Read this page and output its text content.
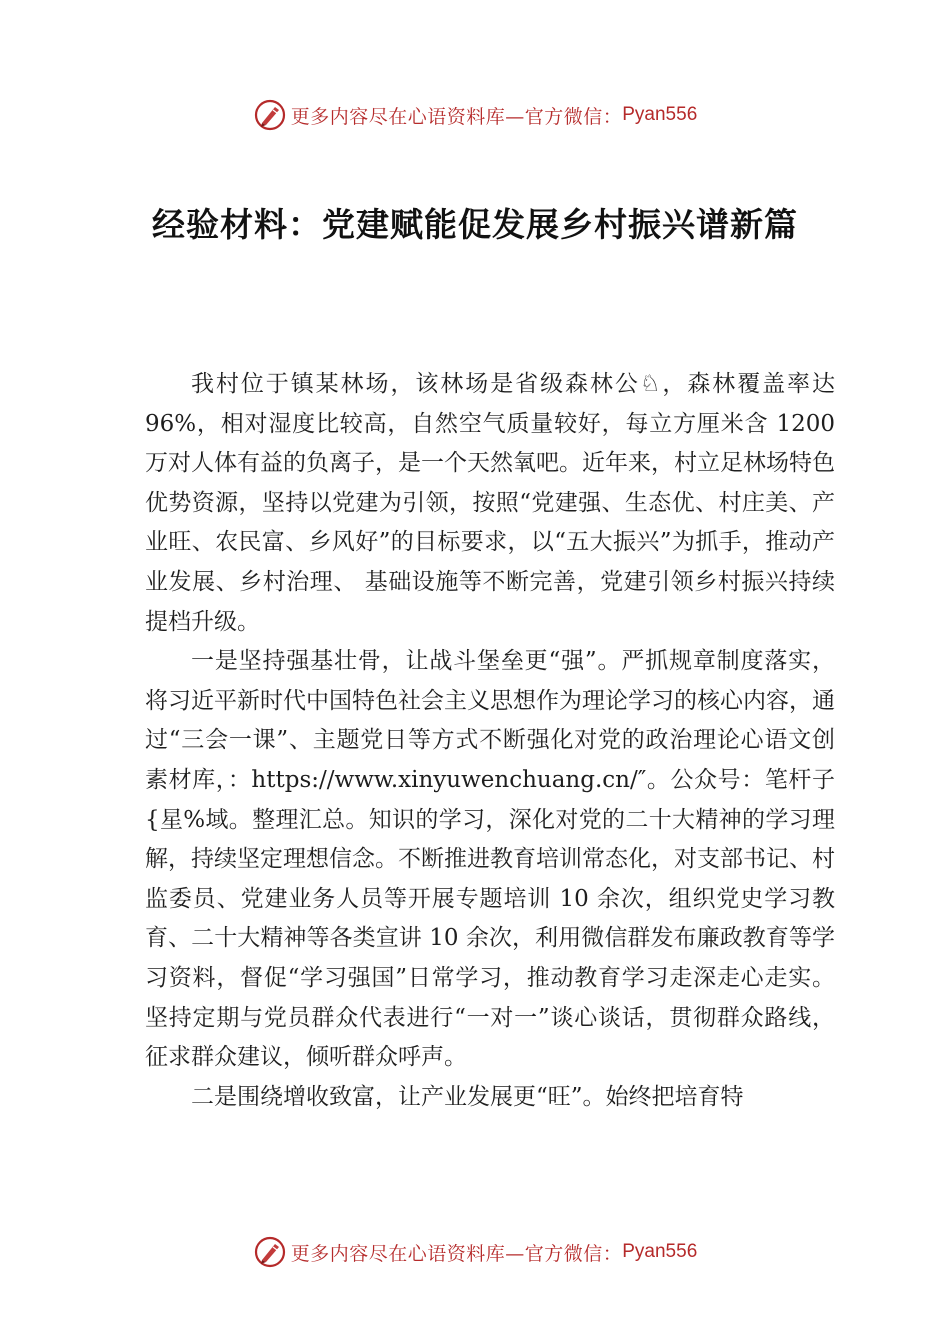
更多内容尽在心语资料库—官方微信： Pyan556
经验材料：党建赋能促发展乡村振兴谱新篇

我村位于镇某林场，该林场是省级森林公♘，森林覆盖率达 96%，相对湿度比较高，自然空气质量较好，每立方厘米含 1200 万对人体有益的负离子，是一个天然氧吧。近年来，村立足林场特色优势资源，坚持以党建为引领，按照“党建强、生态优、村庄美、产业旺、农民富、乡风好”的目标要求，以“五大振兴”为抓手，推动产业发展、乡村治理、 基础设施等不断完善，党建引领乡村振兴持续提档升级。

一是坚持强基壮骨，让战斗堡垒更“强”。严抓规章制度落实，将习近平新时代中国特色社会主义思想作为理论学习的核心内容，通过“三会一课”、主题党日等方式不断强化对党的政治理论心语文创素材库，：https://www.xinyuwenchuang.cn/″。公众号：笔杆子{星%域。整理汇总。知识的学习，深化对党的二十大精神的学习理解，持续坚定理想信念。不断推进教育培训常态化，对支部书记、村监委员、党建业务人员等开展专题培训 10 余次，组织党史学习教育、二十大精神等各类宣讲 10 余次，利用微信群发布廉政教育等学习资料，督促“学习强国”日常学习，推动教育学习走深走心走实。坚持定期与党员群众代表进行“一对一”谈心谈话，贯彻群众路线，征求群众建议，倾听群众呼声。

二是围绕增收致富，让产业发展更“旺”。始终把培育特

更多内容尽在心语资料库—官方微信： Pyan556
